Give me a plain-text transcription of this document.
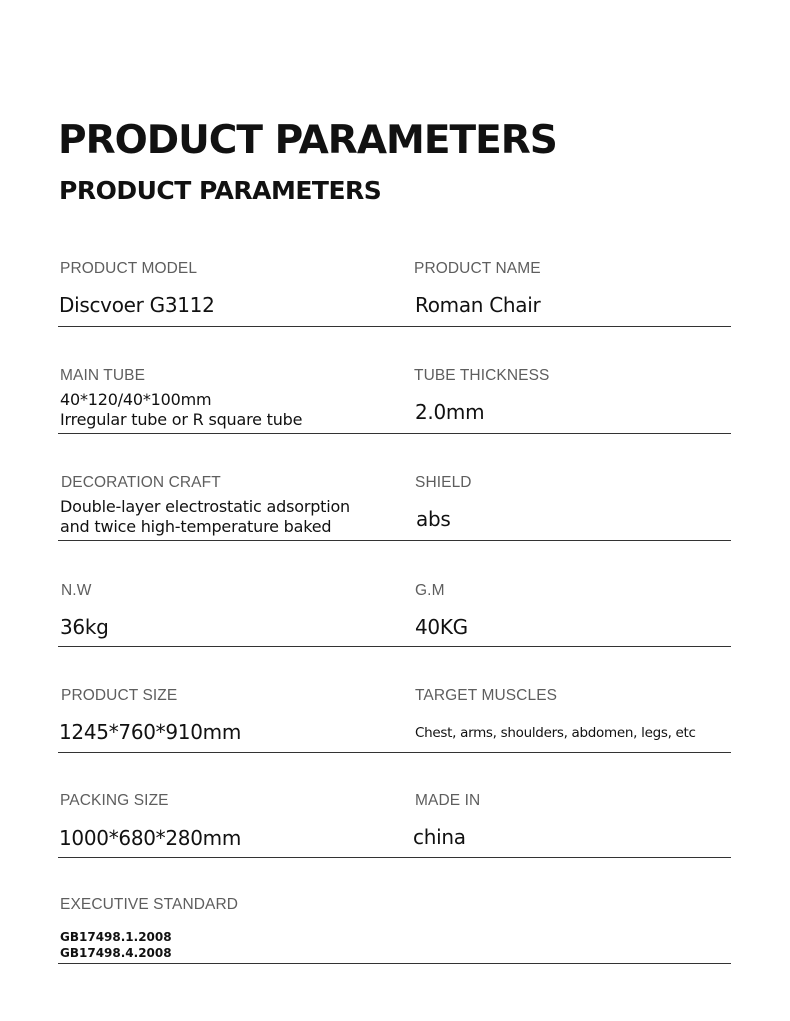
PRODUCT PARAMETERS
PRODUCT PARAMETERS
PRODUCT MODEL
Discvoer G3112
PRODUCT NAME
Roman Chair
MAIN TUBE
40*120/40*100mm
Irregular tube or R square tube
TUBE THICKNESS
2.0mm
DECORATION CRAFT
Double-layer electrostatic adsorption
and twice high-temperature baked
SHIELD
abs
N.W
36kg
G.M
40KG
PRODUCT SIZE
1245*760*910mm
TARGET MUSCLES
Chest, arms, shoulders, abdomen, legs, etc
PACKING SIZE
1000*680*280mm
MADE IN
china
EXECUTIVE STANDARD
GB17498.1.2008
GB17498.4.2008
